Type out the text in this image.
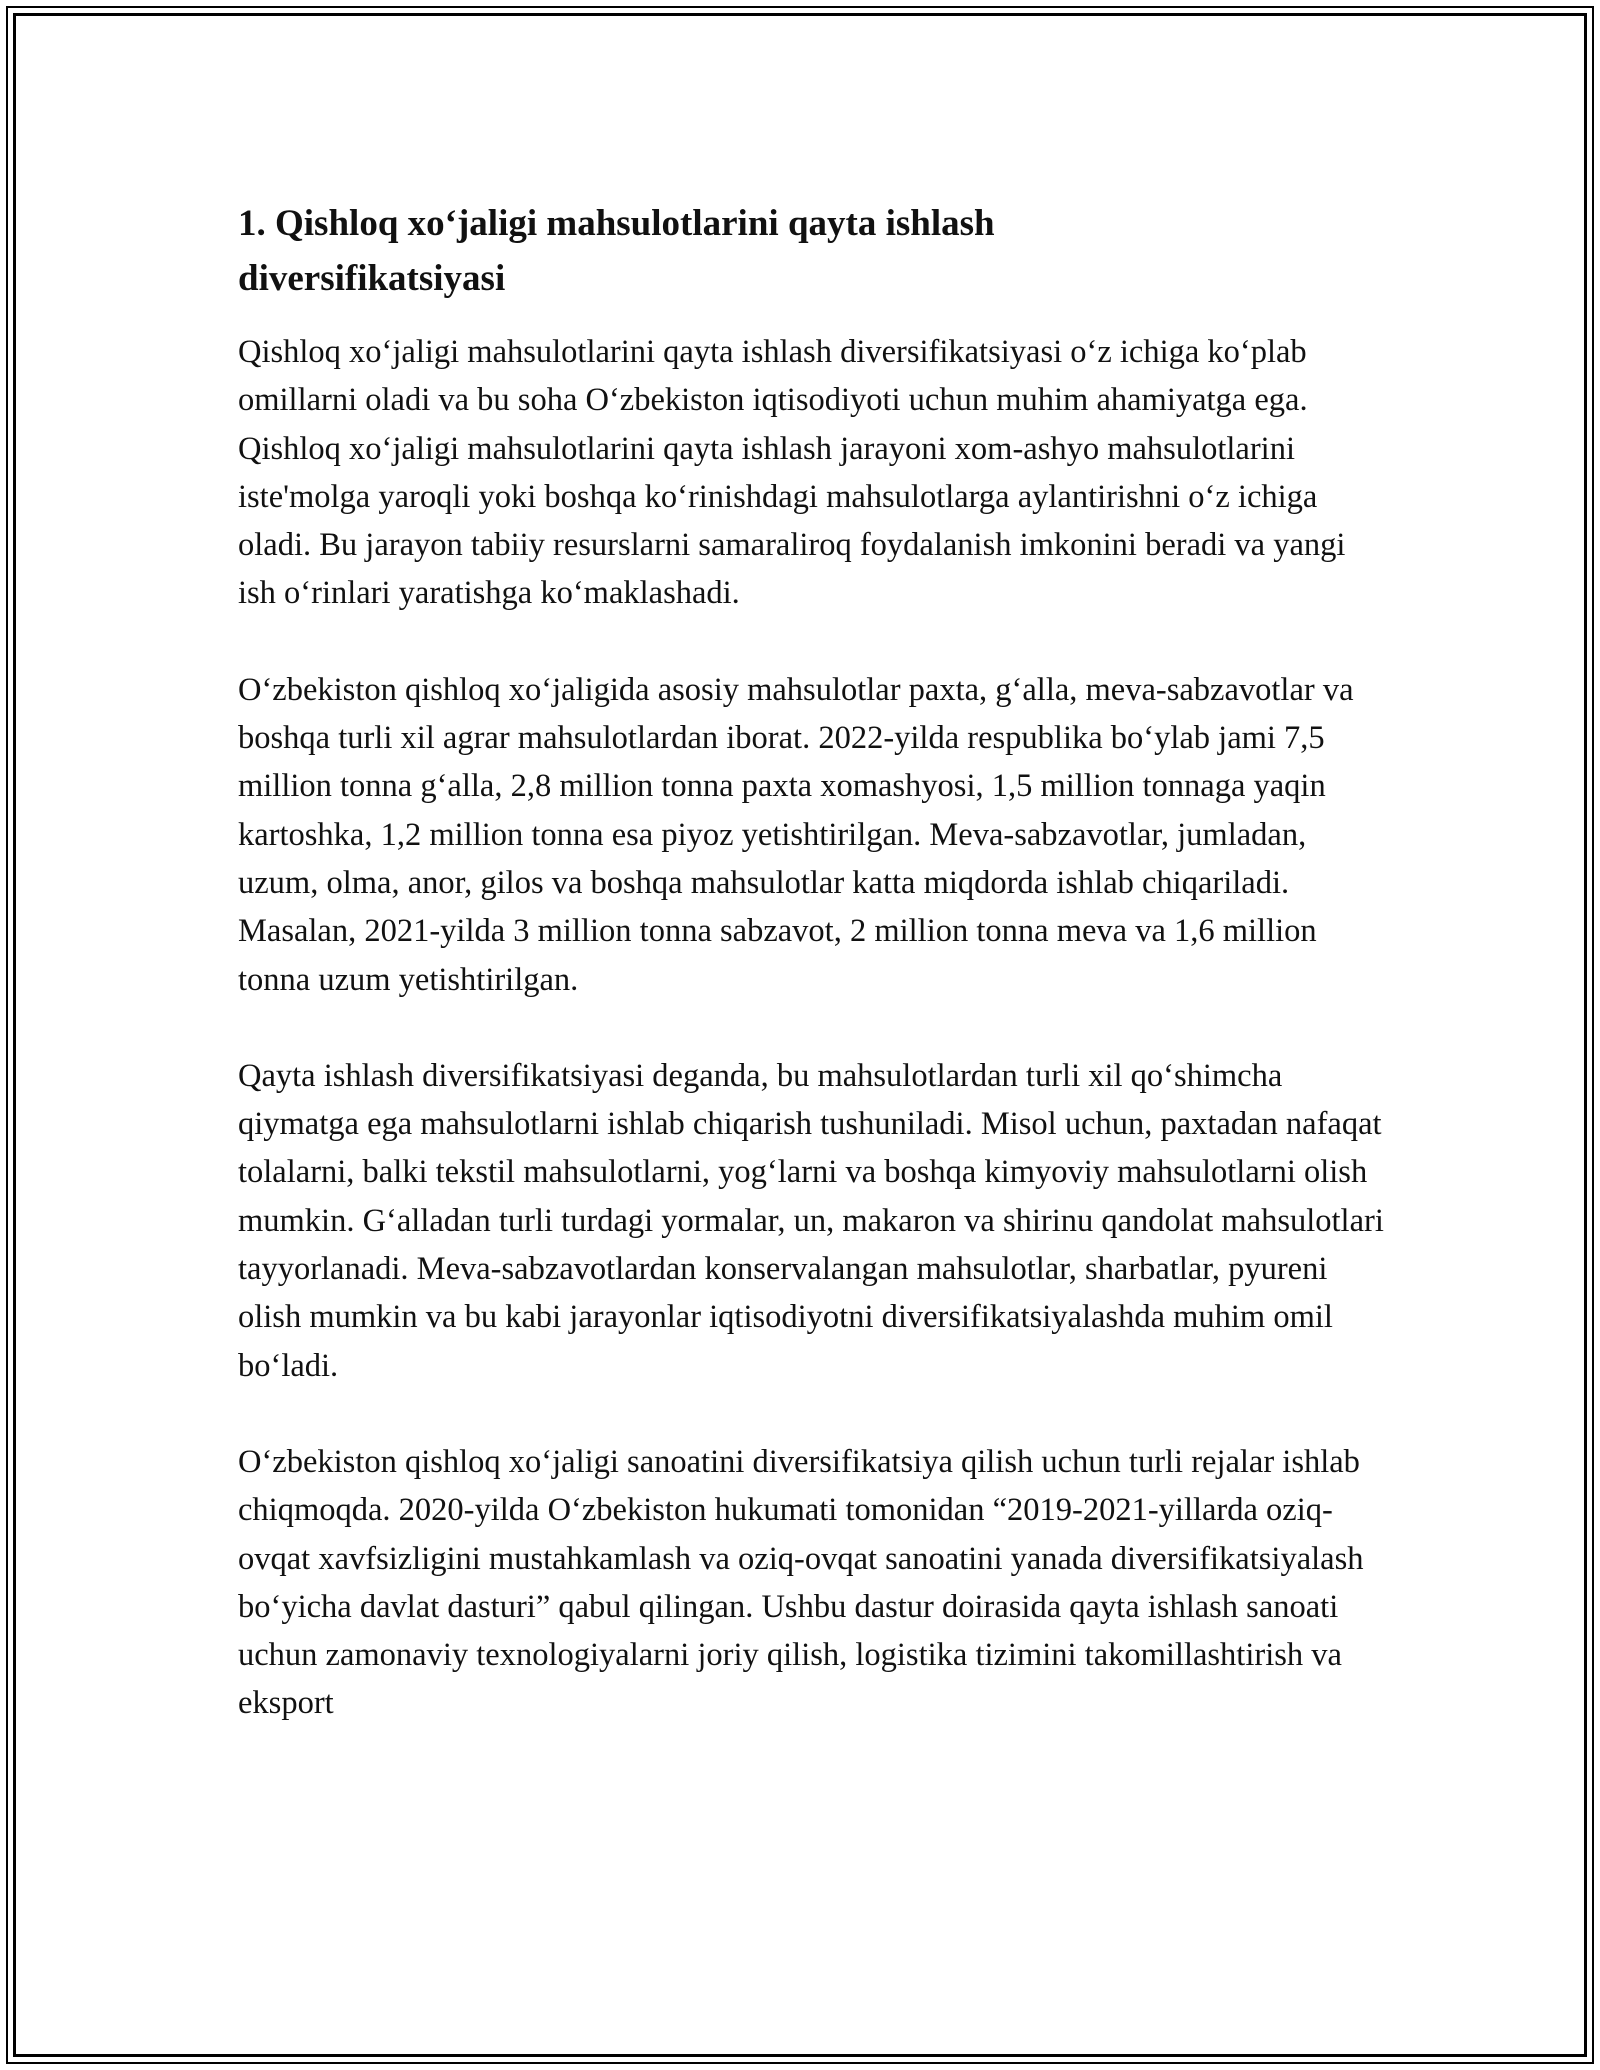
1. Qishloq xo‘jaligi mahsulotlarini qayta ishlash
diversifikatsiyasi

Qishloq xo‘jaligi mahsulotlarini qayta ishlash diversifikatsiyasi o‘z ichiga ko‘plab omillarni oladi va bu soha O‘zbekiston iqtisodiyoti uchun muhim ahamiyatga ega. Qishloq xo‘jaligi mahsulotlarini qayta ishlash jarayoni xom-ashyo mahsulotlarini iste'molga yaroqli yoki boshqa ko‘rinishdagi mahsulotlarga aylantirishni o‘z ichiga oladi. Bu jarayon tabiiy resurslarni samaraliroq foydalanish imkonini beradi va yangi ish o‘rinlari yaratishga ko‘maklashadi.

O‘zbekiston qishloq xo‘jaligida asosiy mahsulotlar paxta, g‘alla, meva-sabzavotlar va boshqa turli xil agrar mahsulotlardan iborat. 2022-yilda respublika bo‘ylab jami 7,5 million tonna g‘alla, 2,8 million tonna paxta xomashyosi, 1,5 million tonnaga yaqin kartoshka, 1,2 million tonna esa piyoz yetishtirilgan. Meva-sabzavotlar, jumladan, uzum, olma, anor, gilos va boshqa mahsulotlar katta miqdorda ishlab chiqariladi. Masalan, 2021-yilda 3 million tonna sabzavot, 2 million tonna meva va 1,6 million tonna uzum yetishtirilgan.

Qayta ishlash diversifikatsiyasi deganda, bu mahsulotlardan turli xil qo‘shimcha qiymatga ega mahsulotlarni ishlab chiqarish tushuniladi. Misol uchun, paxtadan nafaqat tolalarni, balki tekstil mahsulotlarni, yog‘larni va boshqa kimyoviy mahsulotlarni olish mumkin. G‘alladan turli turdagi yormalar, un, makaron va shirinu qandolat mahsulotlari tayyorlanadi. Meva-sabzavotlardan konservalangan mahsulotlar, sharbatlar, pyureni olish mumkin va bu kabi jarayonlar iqtisodiyotni diversifikatsiyalashda muhim omil bo‘ladi.

O‘zbekiston qishloq xo‘jaligi sanoatini diversifikatsiya qilish uchun turli rejalar ishlab chiqmoqda. 2020-yilda O‘zbekiston hukumati tomonidan “2019-2021-yillarda oziq-ovqat xavfsizligini mustahkamlash va oziq-ovqat sanoatini yanada diversifikatsiyalash bo‘yicha davlat dasturi” qabul qilingan. Ushbu dastur doirasida qayta ishlash sanoati uchun zamonaviy texnologiyalarni joriy qilish, logistika tizimini takomillashtirish va eksport
